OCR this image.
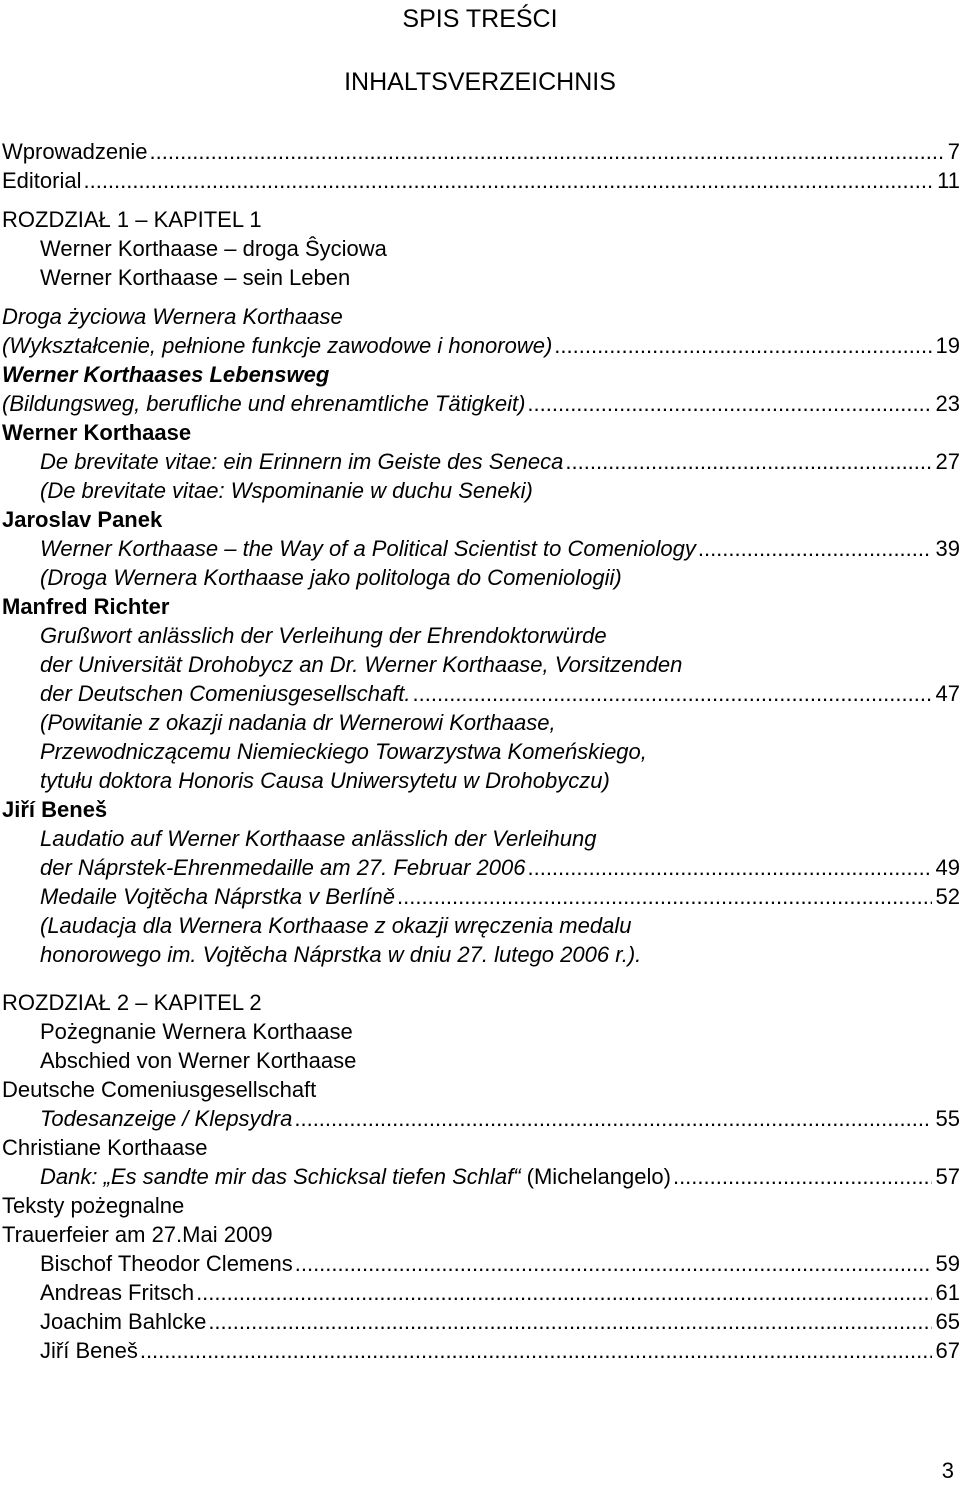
SPIS TREŚCI
INHALTSVERZEICHNIS
Wprowadzenie .....	7
Editorial .....	11
ROZDZIAŁ 1 – KAPITEL 1
Werner Korthaase – droga Ŝyciowa
Werner Korthaase – sein Leben
Droga życiowa Wernera Korthaase
(Wykształcenie, pełnione funkcje zawodowe i honorowe) .....	19
Werner Korthaases Lebensweg
(Bildungsweg, berufliche und ehrenamtliche Tätigkeit) .....	23
Werner Korthaase
De brevitate vitae: ein Erinnern im Geiste des Seneca .....	27
(De brevitate vitae: Wspominanie w duchu Seneki)
Jaroslav Panek
Werner Korthaase – the Way of a Political Scientist to Comeniology .....	39
(Droga Wernera Korthaase jako politologa do Comeniologii)
Manfred Richter
Grußwort anlässlich der Verleihung der Ehrendoktorwürde
der Universität Drohobycz an Dr. Werner Korthaase, Vorsitzenden
der Deutschen Comeniusgesellschaft. .....	47
(Powitanie z okazji nadania dr Wernerowi Korthaase,
Przewodniczącemu Niemieckiego Towarzystwa Komeńskiego,
tytułu doktora Honoris Causa Uniwersytetu w Drohobyczu)
Jiří Beneš
Laudatio auf Werner Korthaase anlässlich der Verleihung
der Náprstek-Ehrenmedaille am 27. Februar 2006 .....	49
Medaile Vojtěcha Náprstka v Berlíně .....	52
(Laudacja dla Wernera Korthaase z okazji wręczenia medalu
honorowego im. Vojtěcha Náprstka w dniu 27. lutego 2006 r.).
ROZDZIAŁ 2 – KAPITEL 2
Pożegnanie Wernera Korthaase
Abschied von Werner Korthaase
Deutsche Comeniusgesellschaft
Todesanzeige / Klepsydra .....	55
Christiane Korthaase
Dank: „Es sandte mir das Schicksal tiefen Schlaf“ (Michelangelo) .....	57
Teksty pożegnalne
Trauerfeier am 27.Mai 2009
Bischof Theodor Clemens .....	59
Andreas Fritsch .....	61
Joachim Bahlcke .....	65
Jiří Beneš .....	67
3
